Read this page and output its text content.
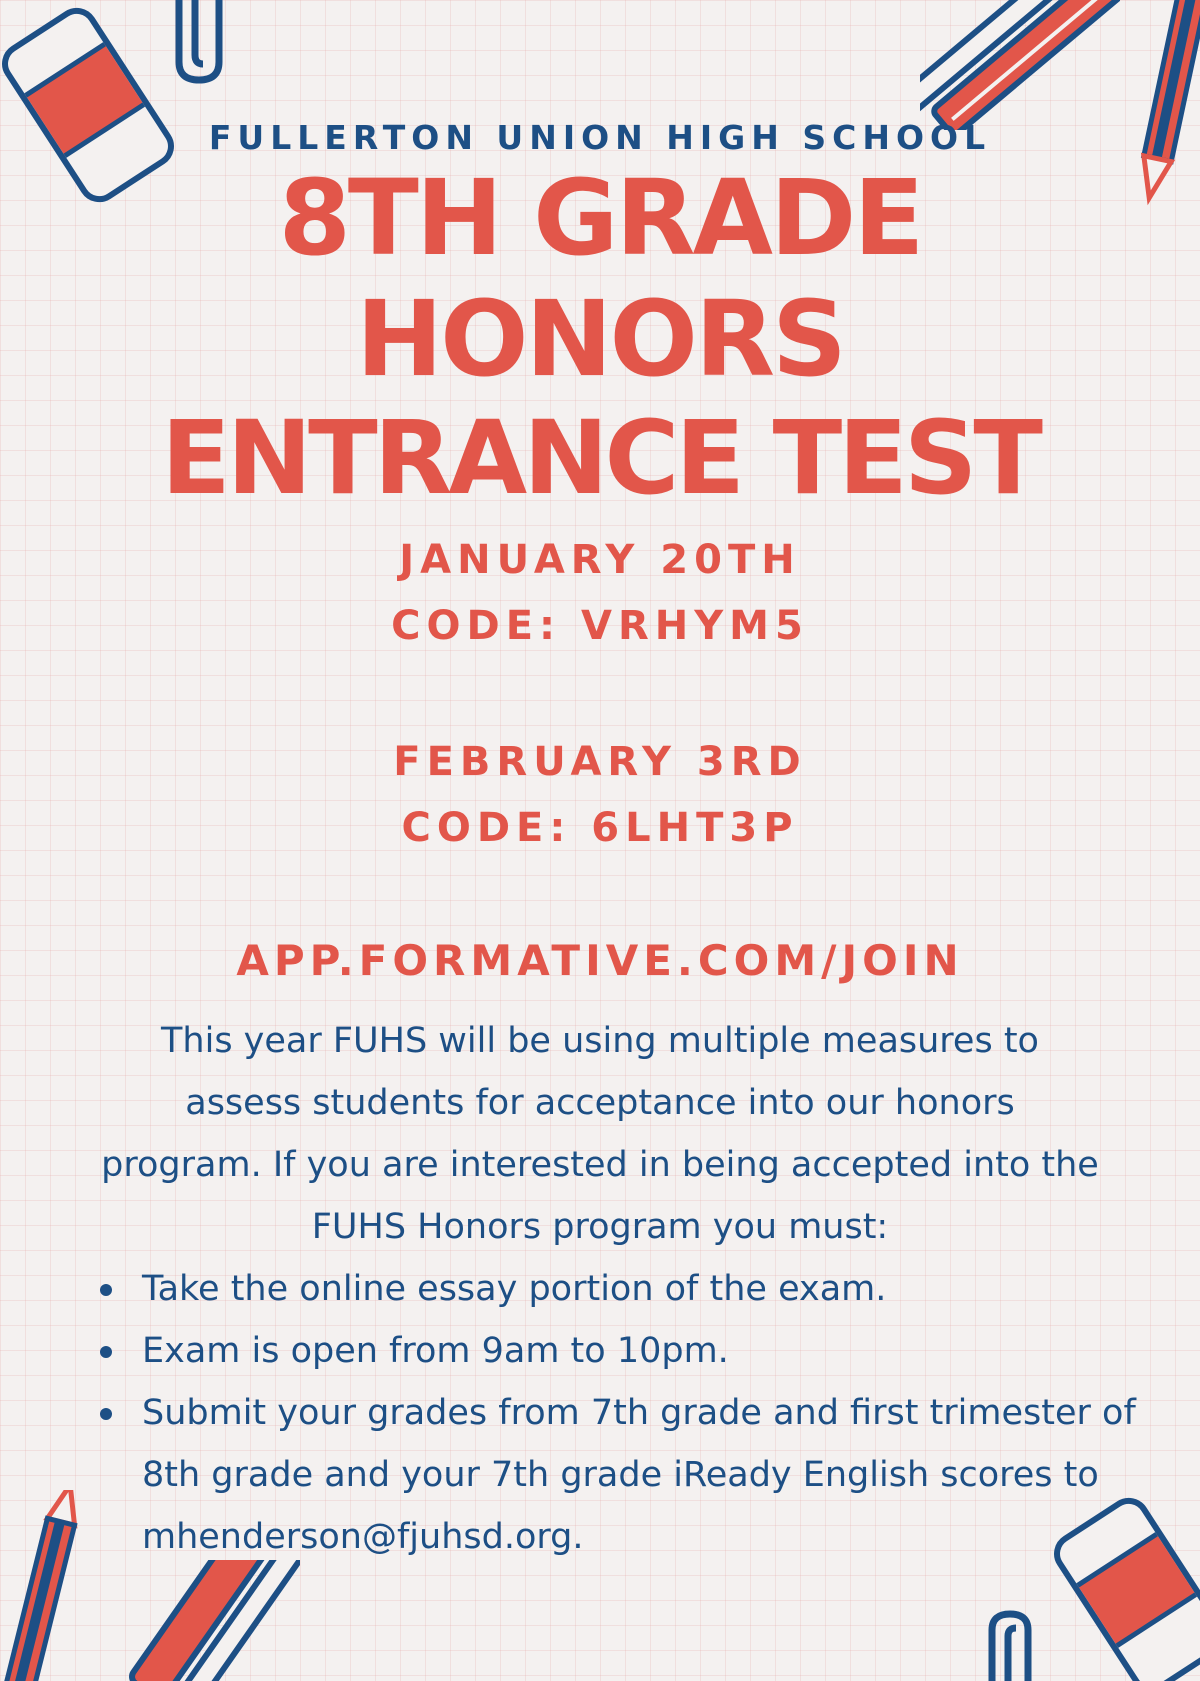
FULLERTON UNION HIGH SCHOOL
8TH GRADE
HONORS
ENTRANCE TEST
JANUARY 20TH
CODE: VRHYM5
FEBRUARY 3RD
CODE: 6LHT3P
APP.FORMATIVE.COM/JOIN
This year FUHS will be using multiple measures to assess students for acceptance into our honors program. If you are interested in being accepted into the FUHS Honors program you must:
Take the online essay portion of the exam.
Exam is open from 9am to 10pm.
Submit your grades from 7th grade and first trimester of 8th grade and your 7th grade iReady English scores to mhenderson@fjuhsd.org.
